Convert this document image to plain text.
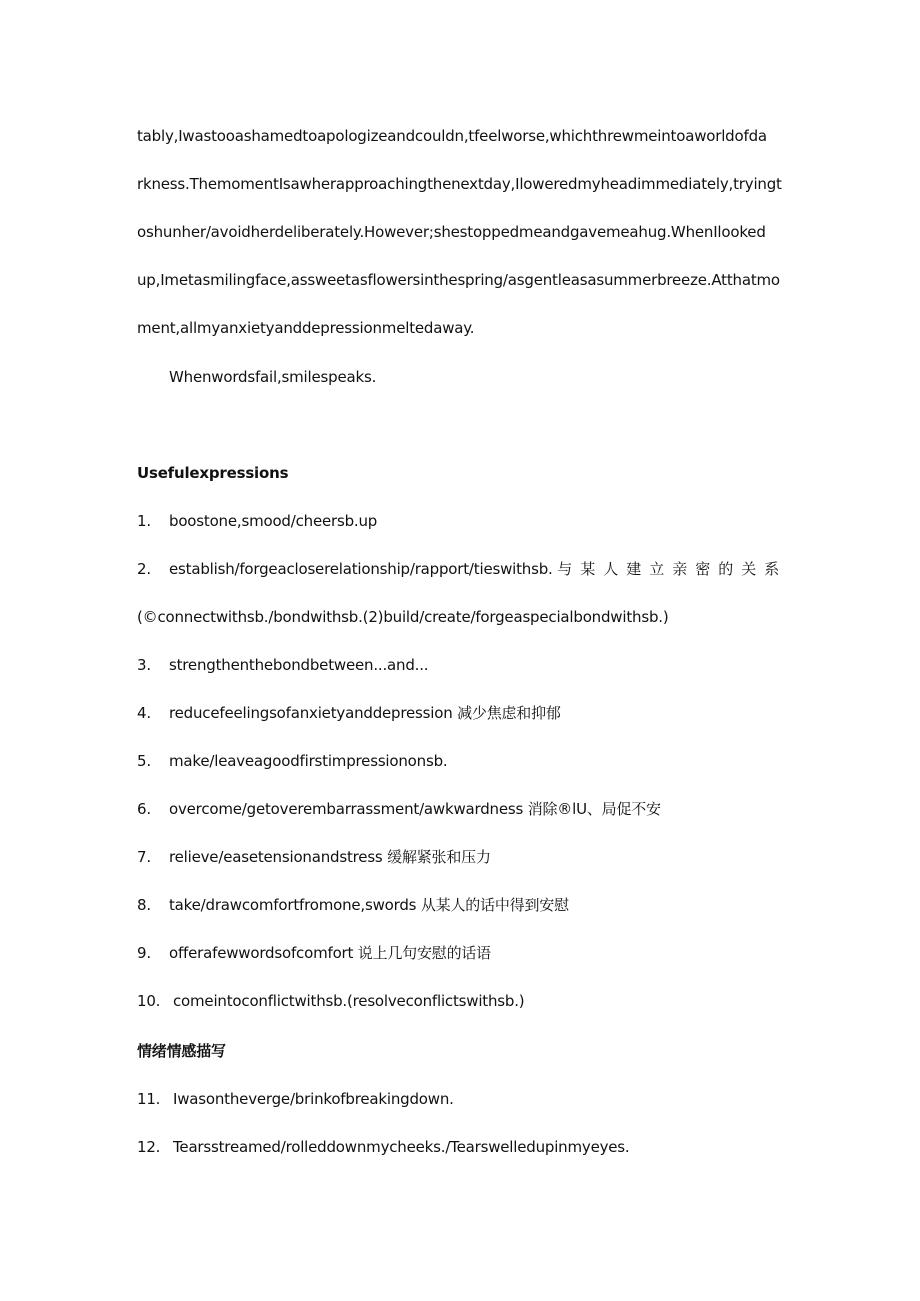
tably,Iwastooashamedtoapologizeandcouldn,tfeelworse,whichthrewmeintoaworldofda
rkness.ThemomentIsawherapproachingthenextday,Iloweredmyheadimmediately,tryingt
oshunher/avoidherdeliberately.However;shestoppedmeandgavemeahug.WhenIlooked
up,Imetasmilingface,assweetasflowersinthespring/asgentleasasummerbreeze.Atthatmo
ment,allmyanxietyanddepressionmeltedaway.
Whenwordsfail,smilespeaks.
Usefulexpressions
1. boostone,smood/cheersb.up
2. establish/forgeacloserelationship/rapport/tieswithsb. 与某人建立亲密的关系
(©connectwithsb./bondwithsb.(2)build/create/forgeaspecialbondwithsb.)
3. strengthenthebondbetween...and...
4. reducefeelingsofanxietyanddepression 减少焦虑和抑郁
5. make/leaveagoodfirstimpressiononsb.
6. overcome/getoverembarrassment/awkwardness 消除®lU、局促不安
7. relieve/easetensionandstress 缓解紧张和压力
8. take/drawcomfortfromone,swords 从某人的话中得到安慰
9. offerafewwordsofcomfort 说上几句安慰的话语
10. comeintoconflictwithsb.(resolveconflictswithsb.)
情绪情感描写
11. Iwasontheverge/brinkofbreakingdown.
12. Tearsstreamed/rolleddownmycheeks./Tearswelledupinmyeyes.
